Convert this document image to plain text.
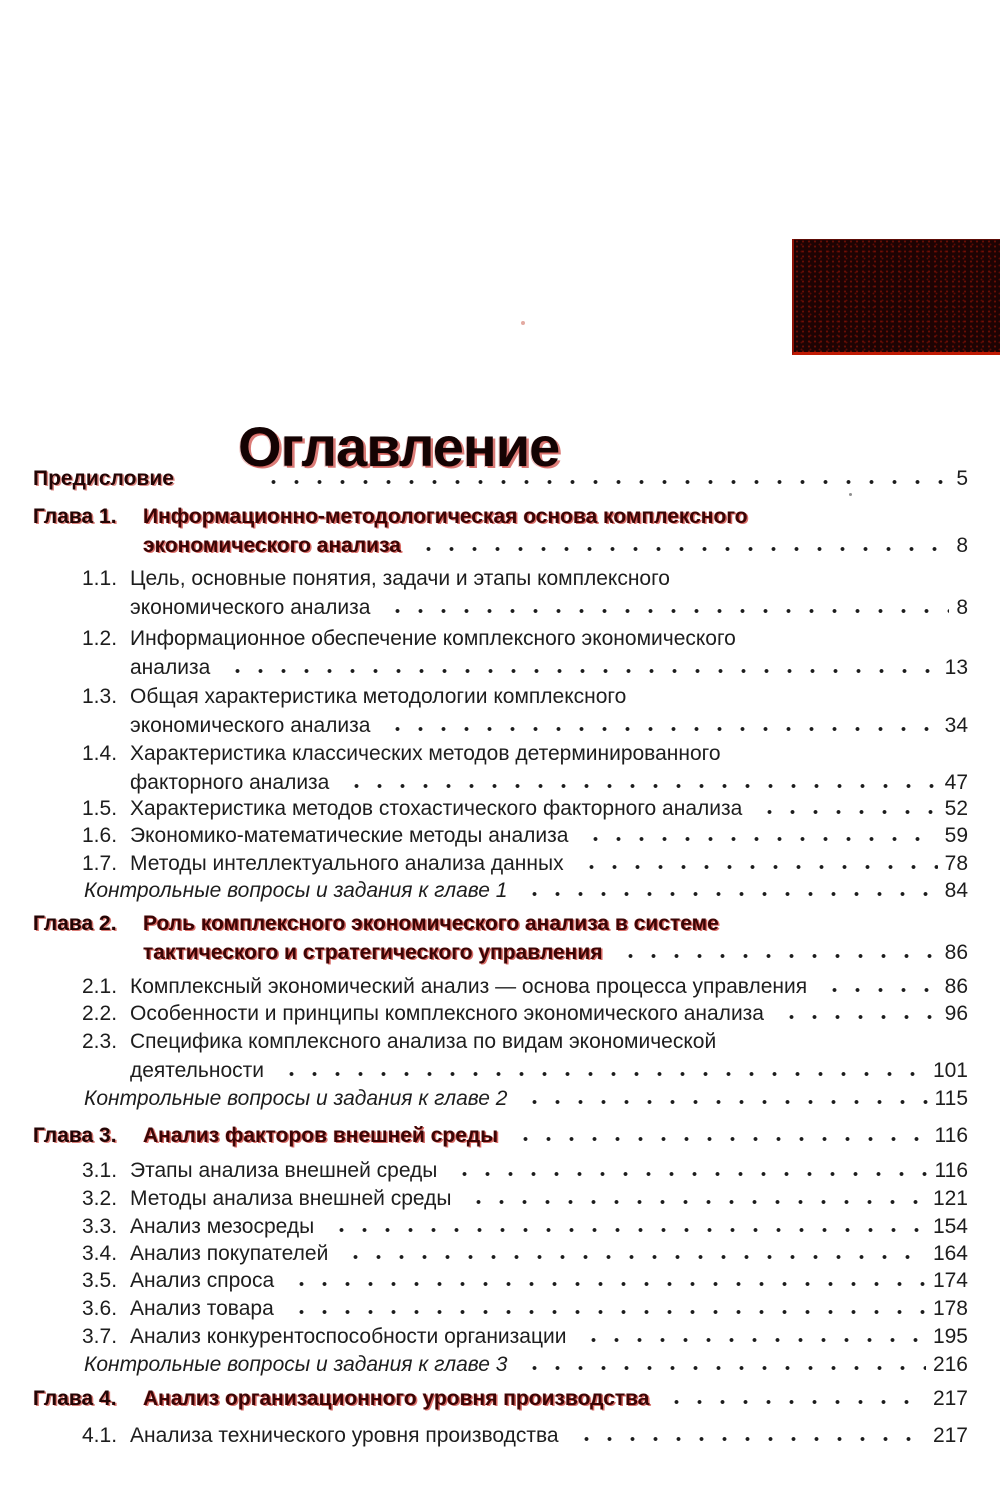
Оглавление
Предисловие	5
Глава 1. Информационно-методологическая основа комплексного
экономического анализа	8
1.1. Цель, основные понятия, задачи и этапы комплексного
экономического анализа	8
1.2. Информационное обеспечение комплексного экономического
анализа	13
1.3. Общая характеристика методологии комплексного
экономического анализа	34
1.4. Характеристика классических методов детерминированного
факторного анализа	47
1.5. Характеристика методов стохастического факторного анализа	52
1.6. Экономико-математические методы анализа	59
1.7. Методы интеллектуального анализа данных	78
Контрольные вопросы и задания к главе 1	84
Глава 2. Роль комплексного экономического анализа в системе
тактического и стратегического управления	86
2.1. Комплексный экономический анализ — основа процесса управления	86
2.2. Особенности и принципы комплексного экономического анализа	96
2.3. Специфика комплексного анализа по видам экономической
деятельности	101
Контрольные вопросы и задания к главе 2	115
Глава 3. Анализ факторов внешней среды	116
3.1. Этапы анализа внешней среды	116
3.2. Методы анализа внешней среды	121
3.3. Анализ мезосреды	154
3.4. Анализ покупателей	164
3.5. Анализ спроса	174
3.6. Анализ товара	178
3.7. Анализ конкурентоспособности организации	195
Контрольные вопросы и задания к главе 3	216
Глава 4. Анализ организационного уровня производства	217
4.1. Анализа технического уровня производства	217
